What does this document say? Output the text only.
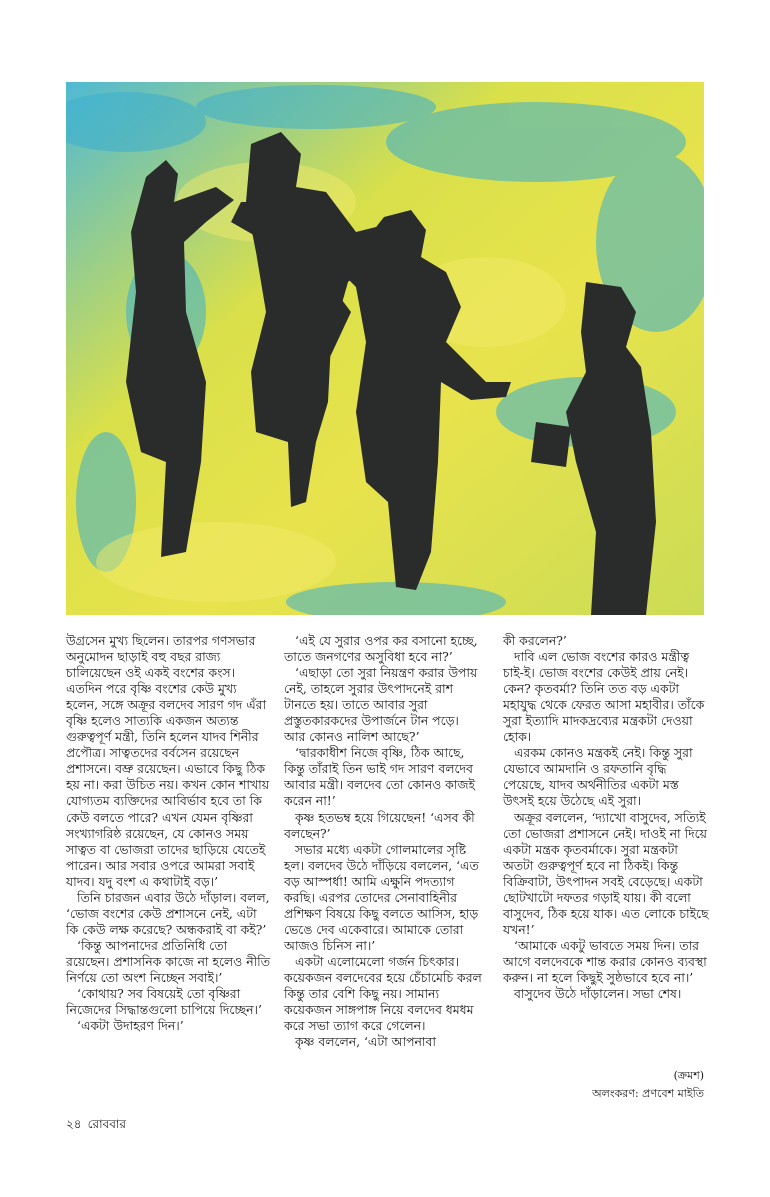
উগ্রসেন মুখ্য ছিলেন। তারপর গণসভার অনুমোদন ছাড়াই বহু বছর রাজ্য চালিয়েছেন ওই একই বংশের কংস। এতদিন পরে বৃষ্ণি বংশের কেউ মুখ্য হলেন, সঙ্গে অক্রূর বলদেব সারণ গদ এঁরা বৃষ্ণি হলেও সাত্যকি একজন অত্যন্ত গুরুত্বপূর্ণ মন্ত্রী, তিনি হলেন যাদব শিনীর প্রপৌত্র। সাত্বতদের বর্বসেন রয়েছেন প্রশাসনে। বভ্রু রয়েছেন। এভাবে কিছু ঠিক হয় না। করা উচিত নয়। কখন কোন শাখায় যোগ্যতম ব্যক্তিদের আবির্ভাব হবে তা কি কেউ বলতে পারে? এখন যেমন বৃষ্ণিরা সংখ্যাগরিষ্ঠ রয়েছেন, যে কোনও সময় সাত্বত বা ভোজরা তাদের ছাড়িয়ে যেতেই পারেন। আর সবার ওপরে আমরা সবাই যাদব। যদু বংশ এ কথাটাই বড়।’

তিনি চারজন এবার উঠে দাঁড়াল। বলল, ‘ভোজ বংশের কেউ প্রশাসনে নেই, এটা কি কেউ লক্ষ করেছে? অন্ধকরাই বা কই?’

‘কিন্তু আপনাদের প্রতিনিধি তো রয়েছেন। প্রশাসনিক কাজে না হলেও নীতি নির্ণয়ে তো অংশ নিচ্ছেন সবাই।’

‘কোথায়? সব বিষয়েই তো বৃষ্ণিরা নিজেদের সিদ্ধান্তগুলো চাপিয়ে দিচ্ছেন।’

‘একটা উদাহরণ দিন।’

‘এই যে সুরার ওপর কর বসানো হচ্ছে, তাতে জনগণের অসুবিধা হবে না?’

‘এছাড়া তো সুরা নিয়ন্ত্রণ করার উপায় নেই, তাহলে সুরার উৎপাদনেই রাশ টানতে হয়। তাতে আবার সুরা প্রস্তুতকারকদের উপার্জনে টান পড়ে। আর কোনও নালিশ আছে?’

‘দ্বারকাধীশ নিজে বৃষ্ণি, ঠিক আছে, কিন্তু তাঁরাই তিন ভাই গদ সারণ বলদেব আবার মন্ত্রী। বলদেব তো কোনও কাজই করেন না!’

কৃষ্ণ হতভম্ব হয়ে গিয়েছেন! ‘এসব কী বলছেন?’

সভার মধ্যে একটা গোলমালের সৃষ্টি হল। বলদেব উঠে দাঁড়িয়ে বললেন, ‘এত বড় আস্পর্ধা! আমি এক্ষুনি পদত্যাগ করছি। এরপর তোদের সেনাবাহিনীর প্রশিক্ষণ বিষয়ে কিছু বলতে আসিস, হাড় ভেঙে দেব একেবারে। আমাকে তোরা আজও চিনিস না।’

একটা এলোমেলো গর্জন চিৎকার। কয়েকজন বলদেবের হয়ে চেঁচামেচি করল কিন্তু তার বেশি কিছু নয়। সামান্য কয়েকজন সাঙ্গপাঙ্গ নিয়ে বলদেব ধমধম করে সভা ত্যাগ করে গেলেন।

কৃষ্ণ বললেন, ‘এটা আপনাবা

কী করলেন?’

দাবি এল ভোজ বংশের কারও মন্ত্রীত্ব চাই-ই। ভোজ বংশের কেউই প্রায় নেই। কেন? কৃতবর্মা? তিনি তত বড় একটা মহাযুদ্ধ থেকে ফেরত আসা মহাবীর। তাঁকে সুরা ইত্যাদি মাদকদ্রব্যের মন্ত্রকটা দেওয়া হোক।

এরকম কোনও মন্ত্রকই নেই। কিন্তু সুরা যেভাবে আমদানি ও রফতানি বৃদ্ধি পেয়েছে, যাদব অর্থনীতির একটা মস্ত উৎসই হয়ে উঠেছে এই সুরা।

অক্রূর বললেন, ‘দ্যাখো বাসুদেব, সত্যিই তো ভোজরা প্রশাসনে নেই। দাওই না দিয়ে একটা মন্ত্রক কৃতবর্মাকে। সুরা মন্ত্রকটা অতটা গুরুত্বপূর্ণ হবে না ঠিকই। কিন্তু বিক্রিবাটা, উৎপাদন সবই বেড়েছে। একটা ছোটখাটো দফতর গড়াই যায়। কী বলো বাসুদেব, ঠিক হয়ে যাক। এত লোকে চাইছে যখন!’

‘আমাকে একটু ভাবতে সময় দিন। তার আগে বলদেবকে শান্ত করার কোনও ব্যবস্থা করুন। না হলে কিছুই সুষ্ঠভাবে হবে না।’

বাসুদেব উঠে দাঁড়ালেন। সভা শেষ।

(ক্রমশ)
অলংকরণ: প্রণবেশ মাইতি
২৪ রোববার
